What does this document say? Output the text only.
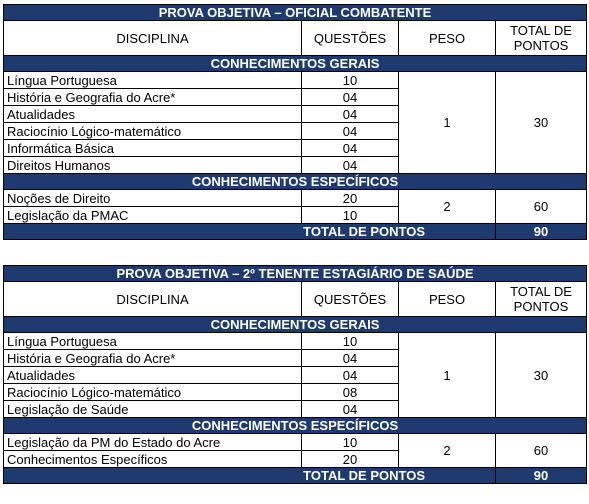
PROVA OBJETIVA – OFICIAL COMBATENTE			
DISCIPLINA	QUESTÕES	PESO	TOTAL DE PONTOS
CONHECIMENTOS GERAIS			
Língua Portuguesa	10	1	30
História e Geografia do Acre*	04		
Atualidades	04		
Raciocínio Lógico-matemático	04		
Informática Básica	04		
Direitos Humanos	04		
CONHECIMENTOS ESPECÍFICOS			
Noções de Direito	20	2	60
Legislação da PMAC	10		
TOTAL DE PONTOS			90
PROVA OBJETIVA – 2º TENENTE ESTAGIÁRIO DE SAÚDE			
DISCIPLINA	QUESTÕES	PESO	TOTAL DE PONTOS
CONHECIMENTOS GERAIS			
Língua Portuguesa	10	1	30
História e Geografia do Acre*	04		
Atualidades	04		
Raciocínio Lógico-matemático	08		
Legislação de Saúde	04		
CONHECIMENTOS ESPECÍFICOS			
Legislação da PM do Estado do Acre	10	2	60
Conhecimentos Específicos	20		
TOTAL DE PONTOS			90
